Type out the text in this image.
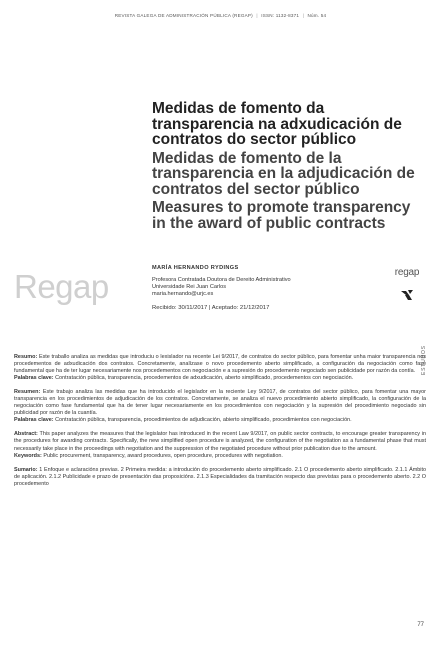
REVISTA GALEGA DE ADMINISTRACIÓN PÚBLICA (REGAP) | ISSN: 1132-8371 | Núm. 54
Medidas de fomento da transparencia na adxudicación de contratos do sector público
Medidas de fomento de la transparencia en la adjudicación de contratos del sector público
Measures to promote transparency in the award of public contracts
Regap	MARÍA HERNANDO RYDINGS
Profesora Contratada Doutora de Dereito Administrativo
Universidade Rei Juan Carlos
maria.hernando@urjc.es
Recibido: 30/11/2017 | Aceptado: 21/12/2017
regap
ESTUDOS

Resumo: Este traballo analiza as medidas que introduciu o lexislador na recente Lei 9/2017, de contratos do sector público, para fomentar unha maior transparencia nos procedementos de adxudicación dos contratos. Concretamente, analízase o novo procedemento aberto simplificado, a configuración da negociación como fase fundamental que ha de ter lugar necesariamente nos procedementos con negociación e a supresión do procedemento negociado sen publicidade por razón da contía.

Palabras clave: Contratación pública, transparencia, procedementos de adxudicación, aberto simplificado, procedementos con negociación.

Resumen: Este trabajo analiza las medidas que ha introducido el legislador en la reciente Ley 9/2017, de contratos del sector público, para fomentar una mayor transparencia en los procedimientos de adjudicación de los contratos. Concretamente, se analiza el nuevo procedimiento abierto simplificado, la configuración de la negociación como fase fundamental que ha de tener lugar necesariamente en los procedimientos con negociación y la supresión del procedimiento negociado sin publicidad por razón de la cuantía.

Palabras clave: Contratación pública, transparencia, procedimientos de adjudicación, abierto simplificado, procedimientos con negociación.

Abstract: This paper analyzes the measures that the legislator has introduced in the recent Law 9/2017, on public sector contracts, to encourage greater transparency in the procedures for awarding contracts. Specifically, the new simplified open procedure is analyzed, the configuration of the negotiation as a fundamental phase that must necessarily take place in the proceedings with negotiation and the suppression of the negotiated procedure without prior publication due to the amount.

Keywords: Public procurement, transparency, award procedures, open procedure, procedures with negotiation.

Sumario: 1 Enfoque e aclaracións previas. 2 Primeira medida: a introdución do procedemento aberto simplificado. 2.1 O procedemento aberto simplificado. 2.1.1 Ámbito de aplicación. 2.1.2 Publicidade e prazo de presentación das proposicións. 2.1.3 Especialidades da tramitación respecto das previstas para o procedemento aberto. 2.2 O procedemento

77
